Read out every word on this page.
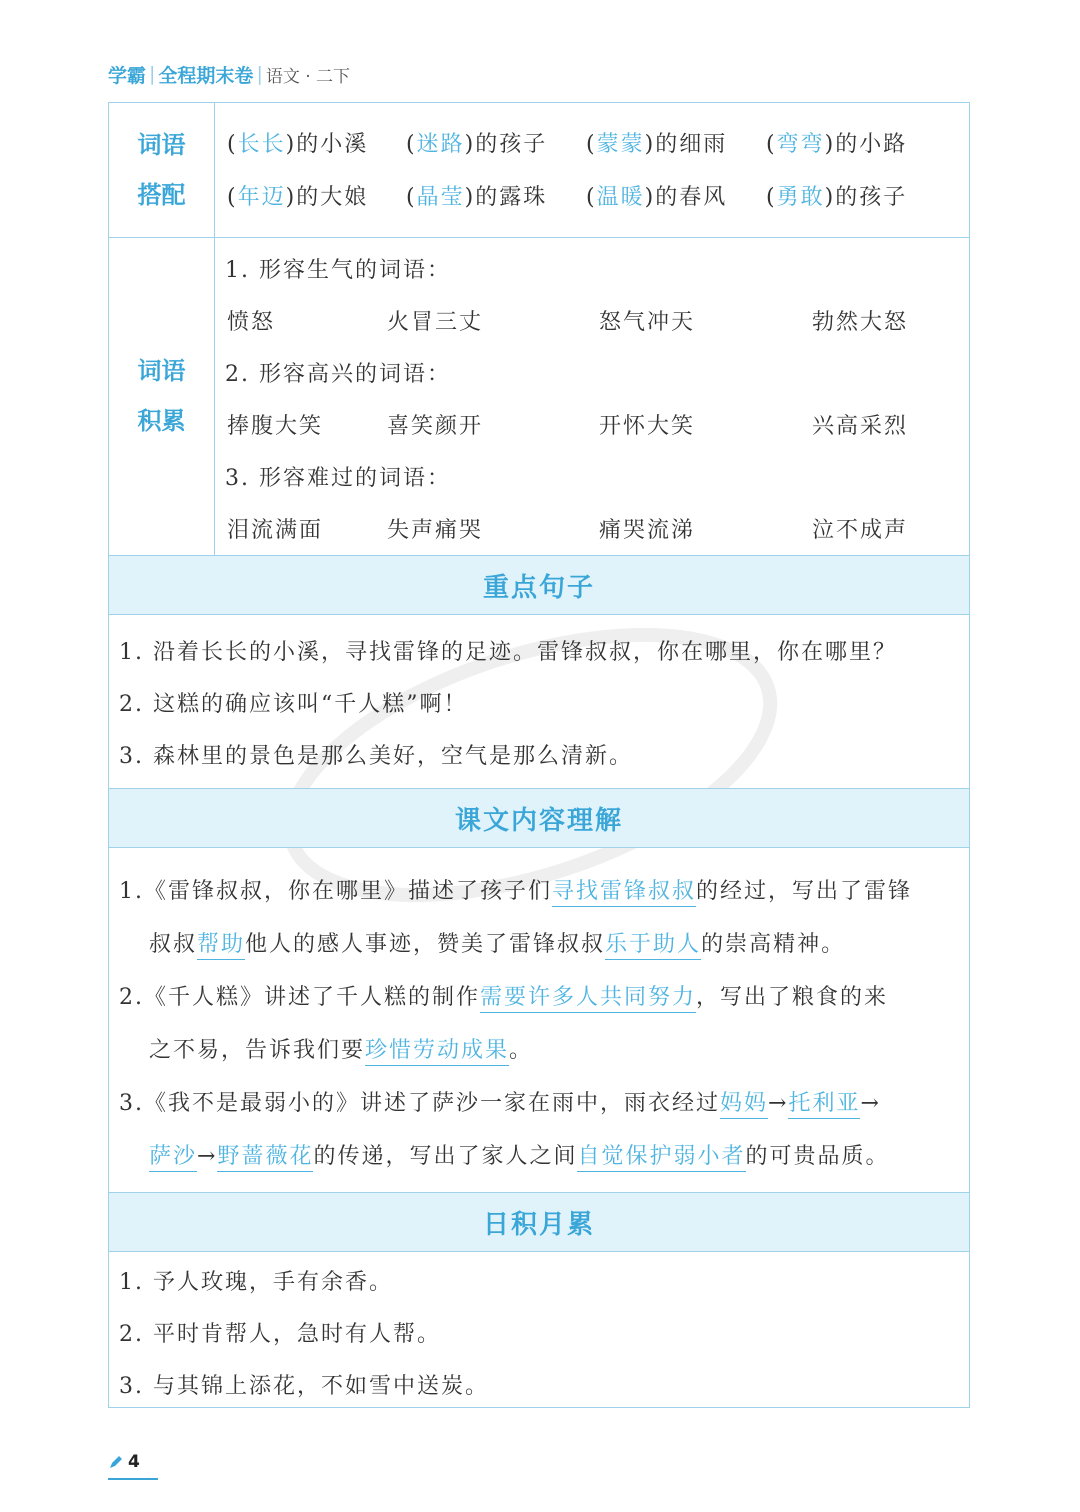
学霸 | 全程期末卷 | 语文 · 二下
词语
搭配
(长长)的小溪 (迷路)的孩子 (蒙蒙)的细雨 (弯弯)的小路
(年迈)的大娘 (晶莹)的露珠 (温暖)的春风 (勇敢)的孩子
词语
积累
1. 形容生气的词语：
愤怒	火冒三丈	怒气冲天	勃然大怒
2. 形容高兴的词语：
捧腹大笑	喜笑颜开	开怀大笑	兴高采烈
3. 形容难过的词语：
泪流满面	失声痛哭	痛哭流涕	泣不成声
重点句子
1. 沿着长长的小溪，寻找雷锋的足迹。雷锋叔叔，你在哪里，你在哪里？
2. 这糕的确应该叫“千人糕”啊！
3. 森林里的景色是那么美好，空气是那么清新。
课文内容理解
1.《雷锋叔叔，你在哪里》描述了孩子们寻找雷锋叔叔的经过，写出了雷锋
叔叔帮助他人的感人事迹，赞美了雷锋叔叔乐于助人的崇高精神。
2.《千人糕》讲述了千人糕的制作需要许多人共同努力，写出了粮食的来
之不易，告诉我们要珍惜劳动成果。
3.《我不是最弱小的》讲述了萨沙一家在雨中，雨衣经过妈妈→托利亚→
萨沙→野蔷薇花的传递，写出了家人之间自觉保护弱小者的可贵品质。
日积月累
1. 予人玫瑰，手有余香。
2. 平时肯帮人，急时有人帮。
3. 与其锦上添花，不如雪中送炭。
4
